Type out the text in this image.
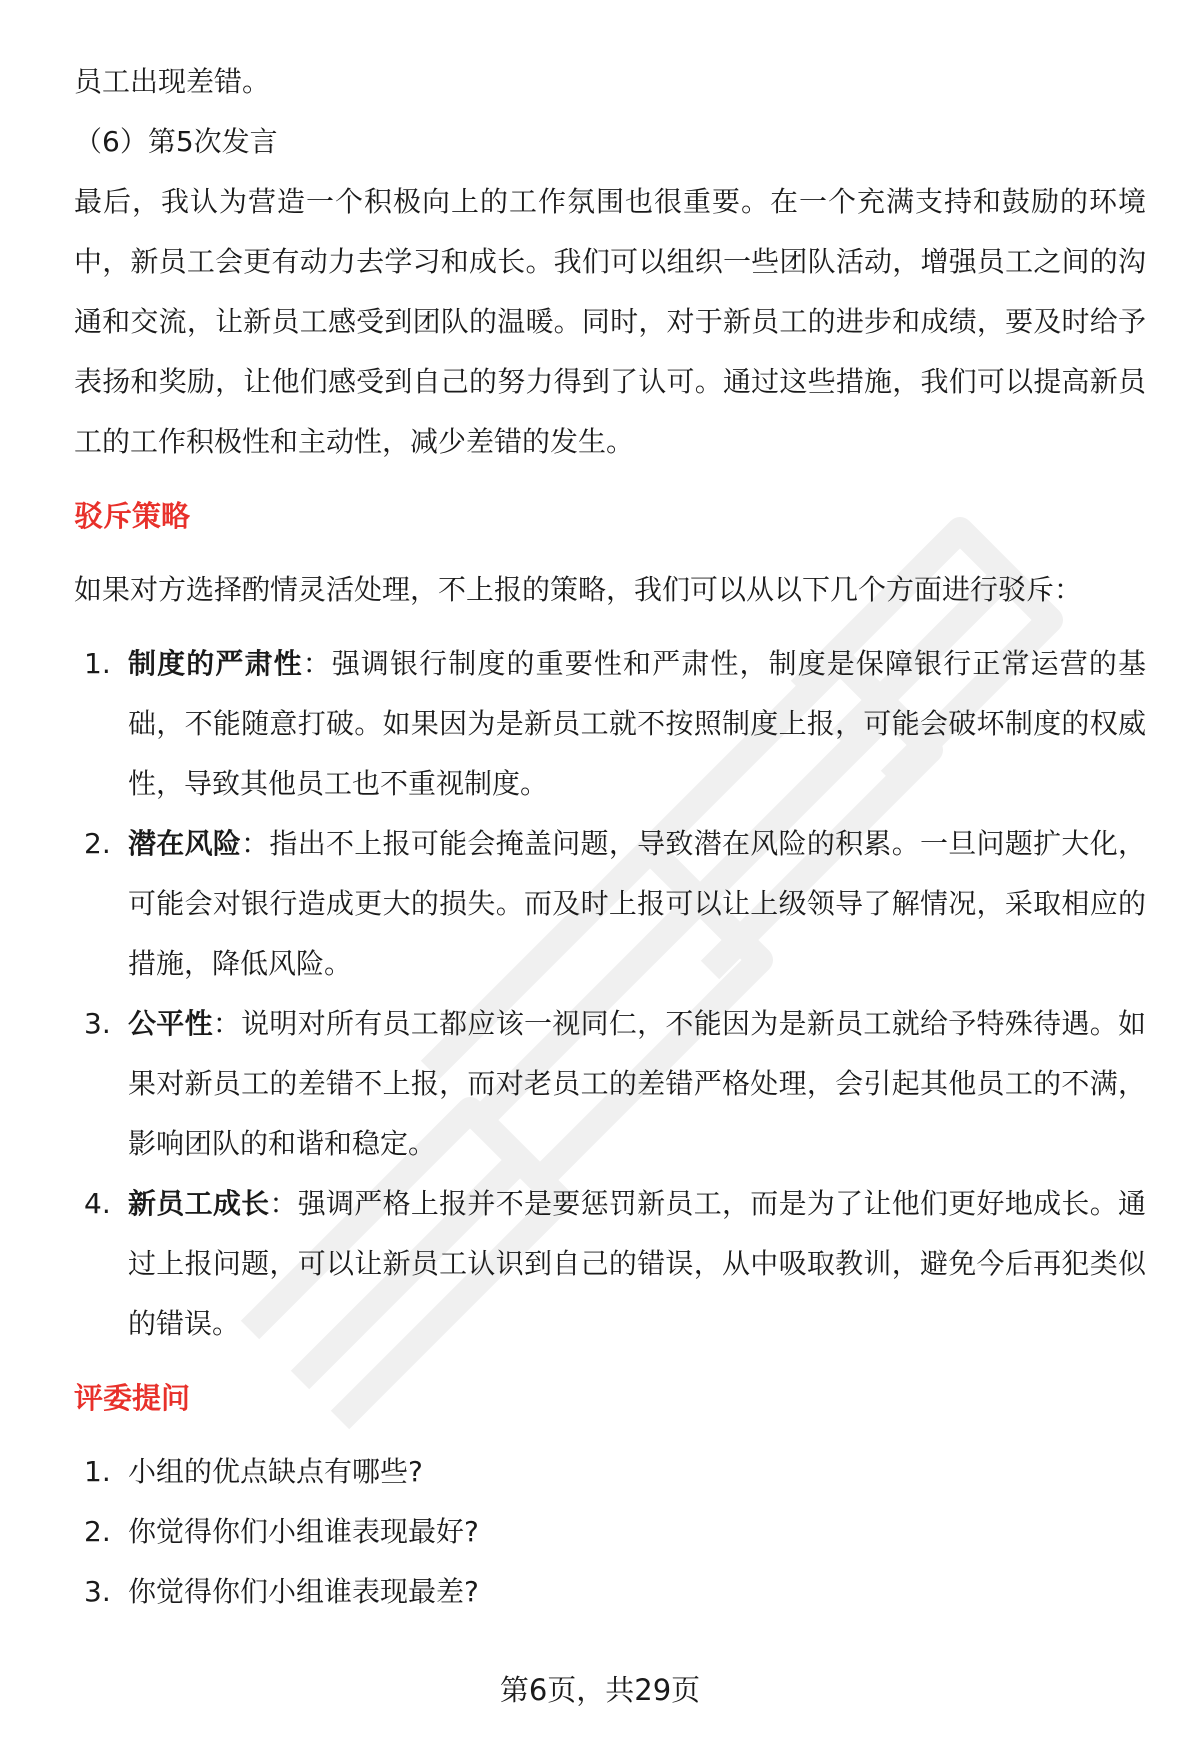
员工出现差错。

（6）第5次发言

最后，我认为营造一个积极向上的工作氛围也很重要。在一个充满支持和鼓励的环境中，新员工会更有动力去学习和成长。我们可以组织一些团队活动，增强员工之间的沟通和交流，让新员工感受到团队的温暖。同时，对于新员工的进步和成绩，要及时给予表扬和奖励，让他们感受到自己的努力得到了认可。通过这些措施，我们可以提高新员工的工作积极性和主动性，减少差错的发生。

驳斥策略

如果对方选择酌情灵活处理，不上报的策略，我们可以从以下几个方面进行驳斥：

1. 制度的严肃性：强调银行制度的重要性和严肃性，制度是保障银行正常运营的基础，不能随意打破。如果因为是新员工就不按照制度上报，可能会破坏制度的权威性，导致其他员工也不重视制度。
2. 潜在风险：指出不上报可能会掩盖问题，导致潜在风险的积累。一旦问题扩大化，可能会对银行造成更大的损失。而及时上报可以让上级领导了解情况，采取相应的措施，降低风险。
3. 公平性：说明对所有员工都应该一视同仁，不能因为是新员工就给予特殊待遇。如果对新员工的差错不上报，而对老员工的差错严格处理，会引起其他员工的不满，影响团队的和谐和稳定。
4. 新员工成长：强调严格上报并不是要惩罚新员工，而是为了让他们更好地成长。通过上报问题，可以让新员工认识到自己的错误，从中吸取教训，避免今后再犯类似的错误。
评委提问
1. 小组的优点缺点有哪些?
2. 你觉得你们小组谁表现最好?
3. 你觉得你们小组谁表现最差?
第6页，共29页
